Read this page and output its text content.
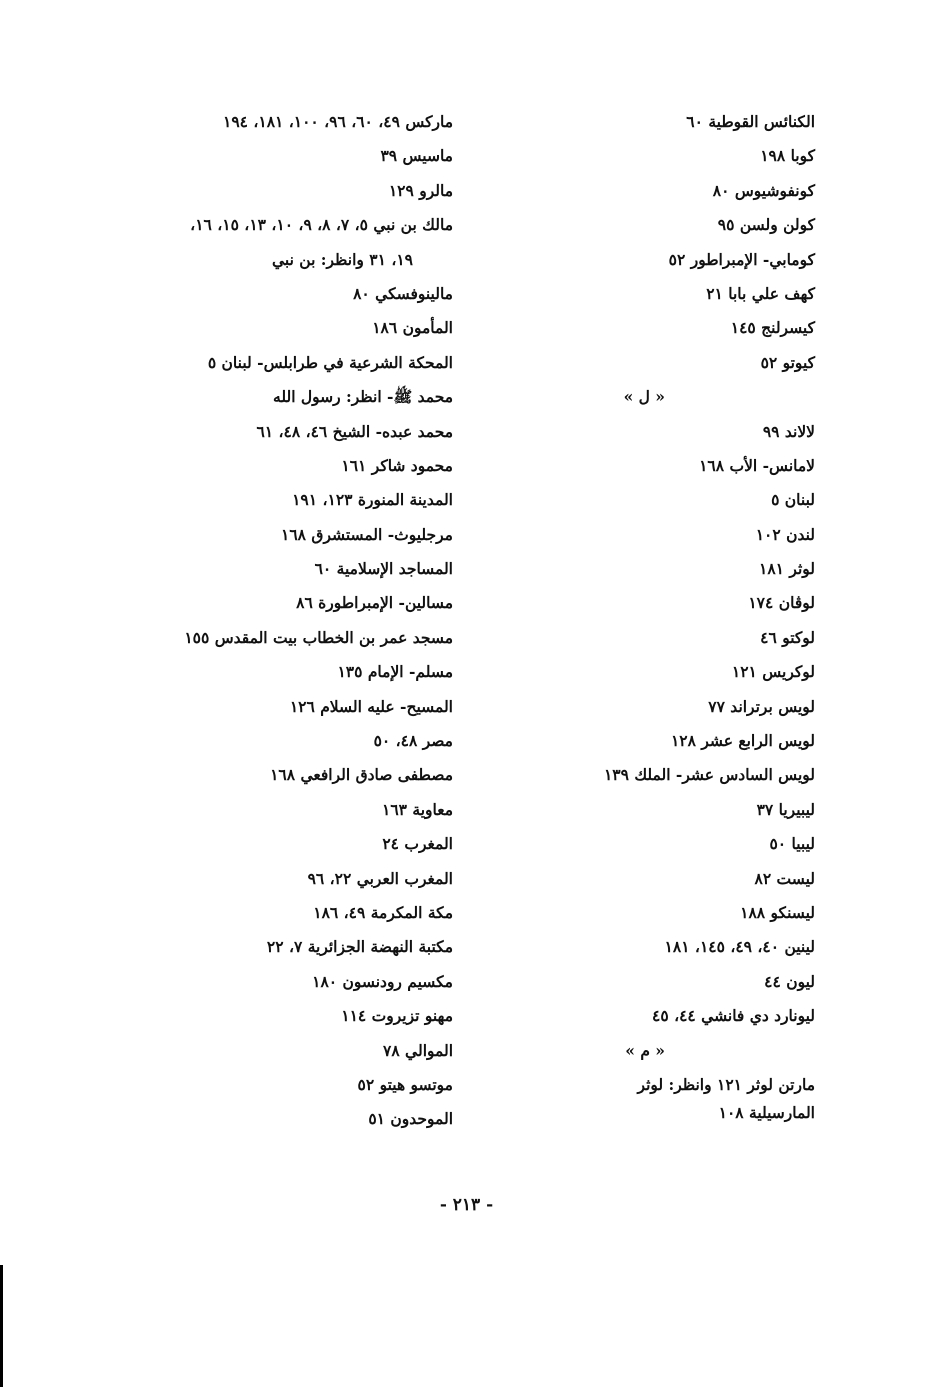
الكنائس القوطية ٦٠
كوبا ١٩٨
كونفوشيوس ٨٠
كولن ولسن ٩٥
كومابي- الإمبراطور ٥٢
كهف علي بابا ٢١
كيسرلنج ١٤٥
كيوتو ٥٢
« ل »
لالاند ٩٩
لامانس- الأب ١٦٨
لبنان ٥
لندن ١٠٢
لوثر ١٨١
لوڤان ١٧٤
لوكتو ٤٦
لوكريس ١٢١
لويس برتراند ٧٧
لويس الرابع عشر ١٢٨
لويس السادس عشر- الملك ١٣٩
ليبيريا ٣٧
ليبيا ٥٠
ليست ٨٢
ليسنكو ١٨٨
لينين ٤٠، ٤٩، ١٤٥، ١٨١
ليون ٤٤
ليونارد دي فانشي ٤٤، ٤٥
« م »
مارتن لوثر ١٢١ وانظر: لوثر
المارسيلية ١٠٨
ماركس ٤٩، ٦٠، ٩٦، ١٠٠، ١٨١، ١٩٤
ماسيس ٣٩
مالرو ١٢٩
مالك بن نبي ٥، ٧، ٨، ٩، ١٠، ١٣، ١٥، ١٦،
١٩، ٣١ وانظر: بن نبي
مالينوفسكي ٨٠
المأمون ١٨٦
المحكة الشرعية في طرابلس- لبنان ٥
محمد ﷺ- انظر: رسول الله
محمد عبده- الشيخ ٤٦، ٤٨، ٦١
محمود شاكر ١٦١
المدينة المنورة ١٢٣، ١٩١
مرجليوث- المستشرق ١٦٨
المساجد الإسلامية ٦٠
مسالين- الإمبراطورة ٨٦
مسجد عمر بن الخطاب بيت المقدس ١٥٥
مسلم- الإمام ١٣٥
المسيح- عليه السلام ١٢٦
مصر ٤٨، ٥٠
مصطفى صادق الرافعي ١٦٨
معاوية ١٦٣
المغرب ٢٤
المغرب العربي ٢٢، ٩٦
مكة المكرمة ٤٩، ١٨٦
مكتبة النهضة الجزائرية ٧، ٢٢
مكسيم رودنسون ١٨٠
مهنو تزيروت ١١٤
الموالي ٧٨
موتسو هيتو ٥٢
الموحدون ٥١
- ٢١٣ -
